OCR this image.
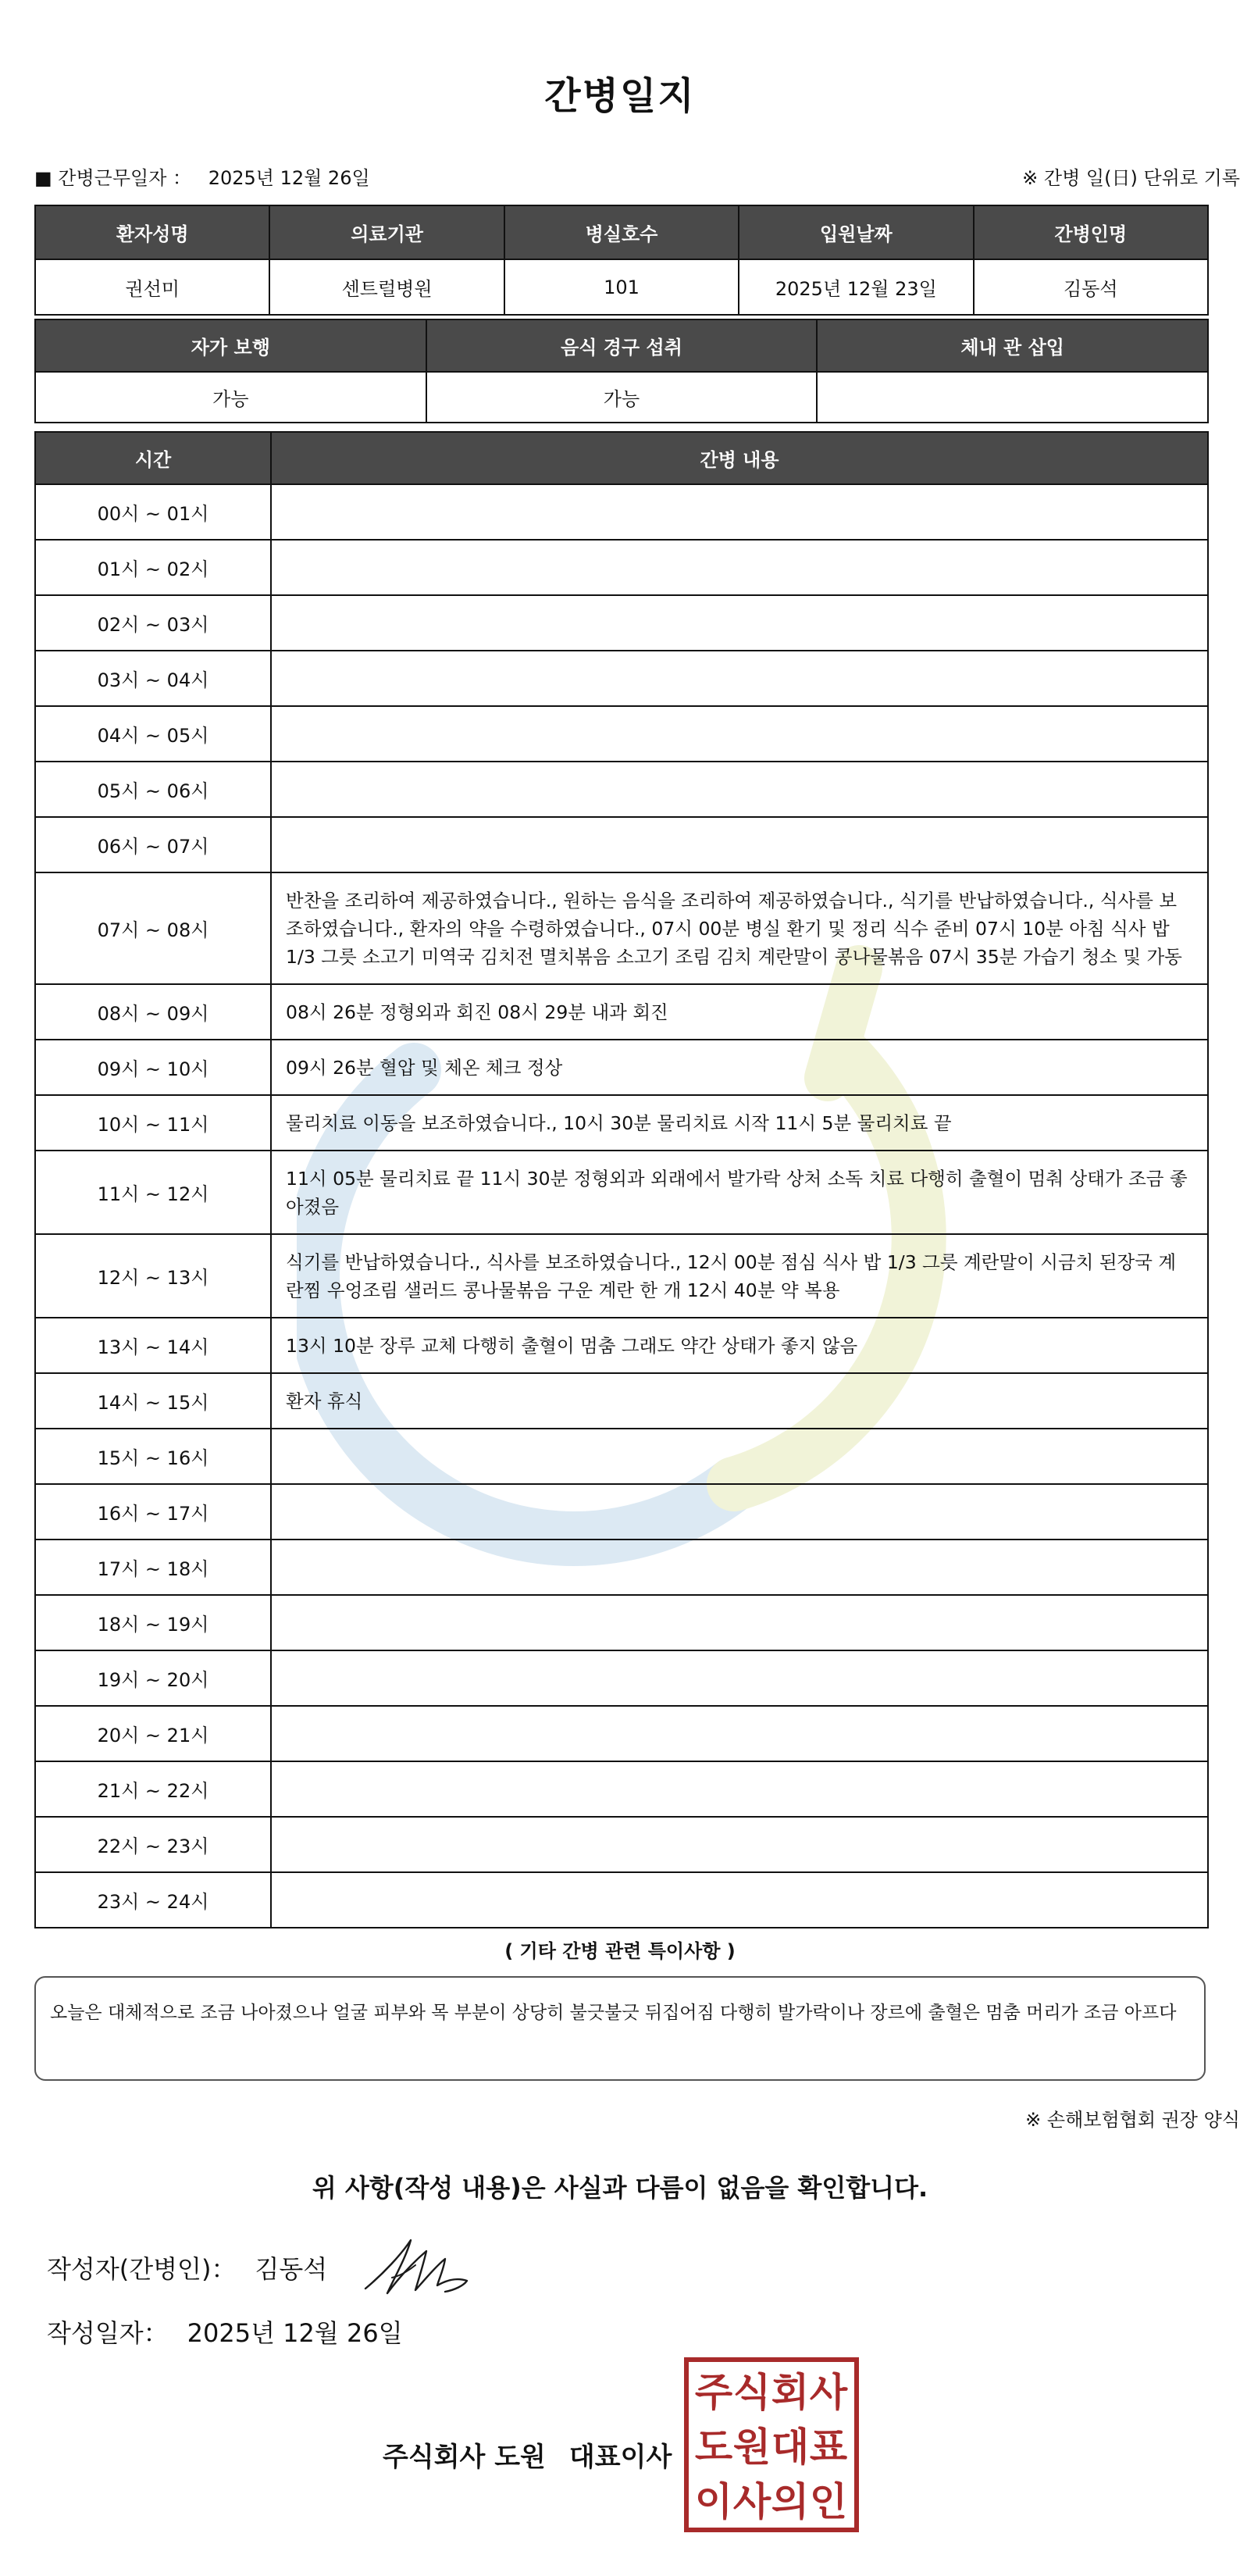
간병일지
■ 간병근무일자 ： 2025년 12월 26일	※ 간병 일(日) 단위로 기록
환자성명	의료기관	병실호수	입원날짜	간병인명
권선미	센트럴병원	101	2025년 12월 23일	김동석
자가 보행	음식 경구 섭취	체내 관 삽입
가능	가능	
시간	간병 내용
00시 ~ 01시	
01시 ~ 02시	
02시 ~ 03시	
03시 ~ 04시	
04시 ~ 05시	
05시 ~ 06시	
06시 ~ 07시	
07시 ~ 08시	반찬을 조리하여 제공하였습니다., 원하는 음식을 조리하여 제공하였습니다., 식기를 반납하였습니다., 식사를 보조하였습니다., 환자의 약을 수령하였습니다., 07시 00분 병실 환기 및 정리 식수 준비 07시 10분 아침 식사 밥 1/3 그릇 소고기 미역국 김치전 멸치볶음 소고기 조림 김치 계란말이 콩나물볶음 07시 35분 가습기 청소 및 가동
08시 ~ 09시	08시 26분 정형외과 회진 08시 29분 내과 회진
09시 ~ 10시	09시 26분 혈압 및 체온 체크 정상
10시 ~ 11시	물리치료 이동을 보조하였습니다., 10시 30분 물리치료 시작 11시 5분 물리치료 끝
11시 ~ 12시	11시 05분 물리치료 끝 11시 30분 정형외과 외래에서 발가락 상처 소독 치료 다행히 출혈이 멈춰 상태가 조금 좋아졌음
12시 ~ 13시	식기를 반납하였습니다., 식사를 보조하였습니다., 12시 00분 점심 식사 밥 1/3 그릇 계란말이 시금치 된장국 계란찜 우엉조림 샐러드 콩나물볶음 구운 계란 한 개 12시 40분 약 복용
13시 ~ 14시	13시 10분 장루 교체 다행히 출혈이 멈춤 그래도 약간 상태가 좋지 않음
14시 ~ 15시	환자 휴식
15시 ~ 16시	
16시 ~ 17시	
17시 ~ 18시	
18시 ~ 19시	
19시 ~ 20시	
20시 ~ 21시	
21시 ~ 22시	
22시 ~ 23시	
23시 ~ 24시	
( 기타 간병 관련 특이사항 )
오늘은 대체적으로 조금 나아졌으나 얼굴 피부와 목 부분이 상당히 불긋불긋 뒤집어짐 다행히 발가락이나 장르에 출혈은 멈춤 머리가 조금 아프다
※ 손해보험협회 권장 양식
위 사항(작성 내용)은 사실과 다름이 없음을 확인합니다.
작성자(간병인)： 김동석
작성일자： 2025년 12월 26일
주식회사 도원 대표이사
주 식 회 사
도 원 대 표
이 사 의 인
